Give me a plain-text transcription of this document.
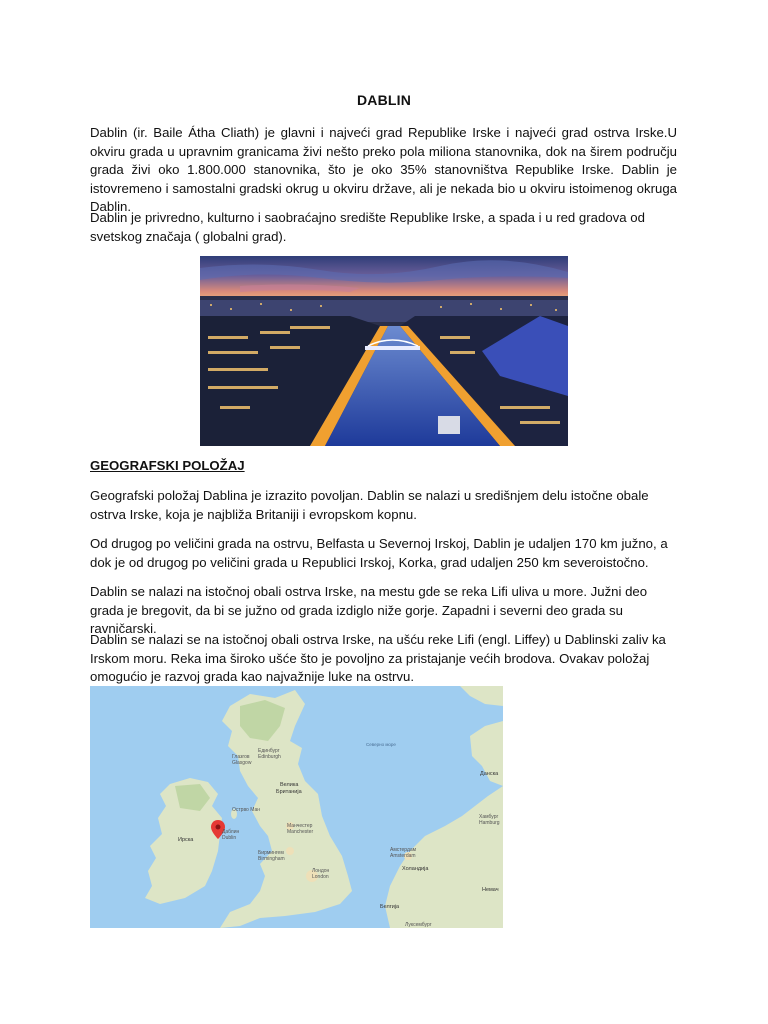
DABLIN

Dablin (ir. Baile Átha Cliath) je glavni i najveći grad Republike Irske i najveći grad ostrva Irske.U okviru grada u upravnim granicama živi nešto preko pola miliona stanovnika, dok na širem području grada živi oko 1.800.000 stanovnika, što je oko 35% stanovništva Republike Irske. Dablin je istovremeno i samostalni gradski okrug u okviru države, ali je nekada bio u okviru istoimenog okruga Dablin.

Dablin je privredno, kulturno i saobraćajno središte Republike Irske, a spada i u red gradova od svetskog značaja ( globalni grad).

GEOGRAFSKI POLOŽAJ

Geografski položaj Dablina je izrazito povoljan. Dablin se nalazi u središnjem delu istočne obale ostrva Irske, koja je najbliža Britaniji i evropskom kopnu.

Od drugog po veličini grada na ostrvu, Belfasta u Severnoj Irskoj, Dablin je udaljen 170 km južno, a dok je od drugog po veličini grada u Republici Irskoj, Korka, grad udaljen 250 km severoistočno.

Dablin se nalazi na istočnoj obali ostrva Irske, na mestu gde se reka Lifi uliva u more. Južni deo grada je bregovit, da bi se južno od grada izdiglo niže gorje. Zapadni i severni deo grada su ravničarski.

Dablin se nalazi se na istočnoj obali ostrva Irske, na ušću reke Lifi (engl. Liffey) u Dablinski zaliv ka Irskom moru. Reka ima široko ušće što je povoljno za pristajanje većih brodova. Ovakav položaj omogućio je razvoj grada kao najvažnije luke na ostrvu.

Северно море
Единбург
Edinburgh
Глазгов
Glasgow
Велика
Британија
Острво Ман
Ирска
Даблин
Dublin
Манчестер
Manchester
Бирмингем
Birmingham
Лондон
London
Данска
Хамбург
Hamburg
Амстердам
Amsterdam
Холандија
Немач
Белгија
Луксембург
